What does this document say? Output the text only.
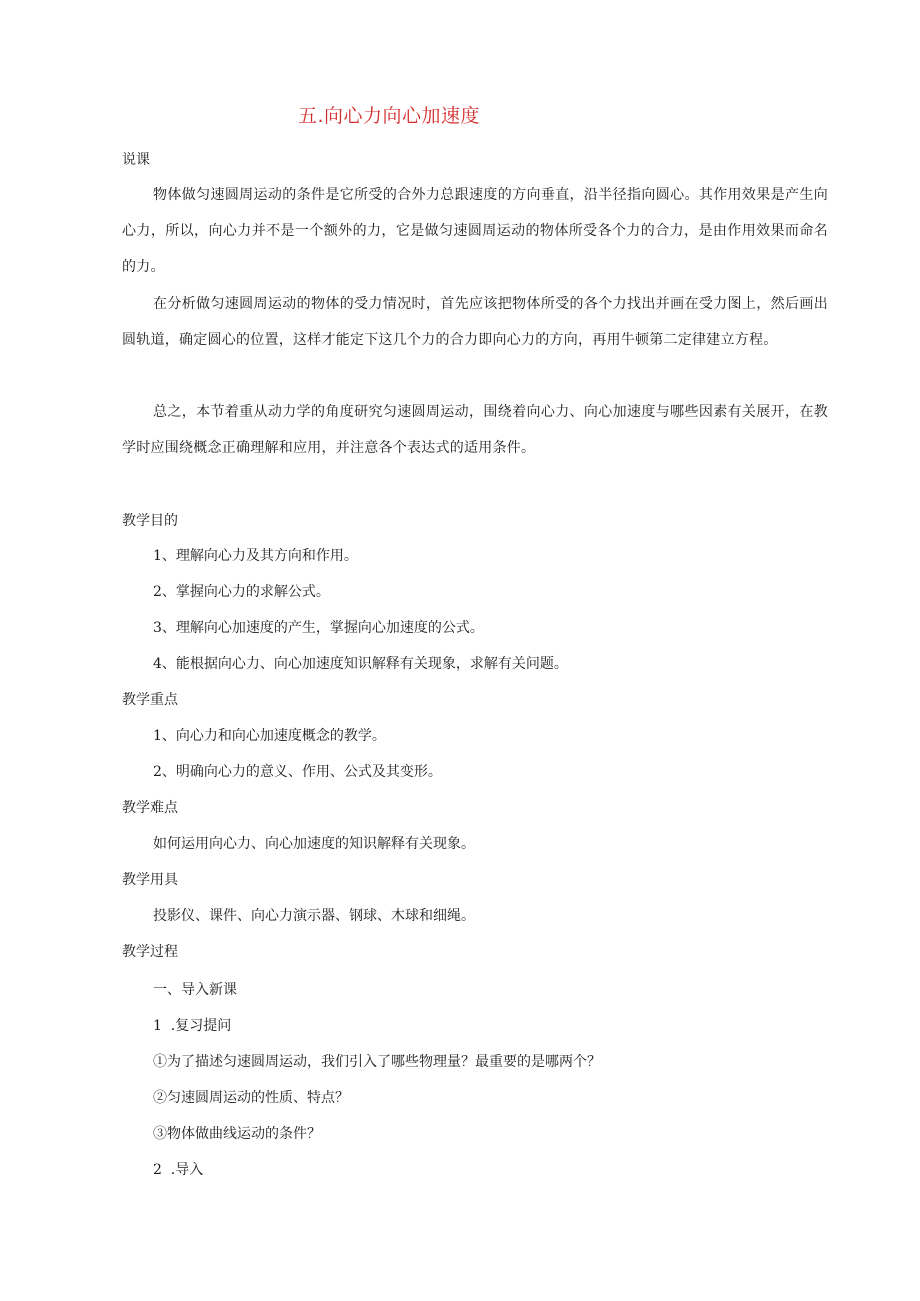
五.向心力向心加速度
说课
物体做匀速圆周运动的条件是它所受的合外力总跟速度的方向垂直，沿半径指向圆心。其作用效果是产生向心力，所以，向心力并不是一个额外的力，它是做匀速圆周运动的物体所受各个力的合力，是由作用效果而命名的力。
在分析做匀速圆周运动的物体的受力情况时，首先应该把物体所受的各个力找出并画在受力图上，然后画出圆轨道，确定圆心的位置，这样才能定下这几个力的合力即向心力的方向，再用牛顿第二定律建立方程。
总之，本节着重从动力学的角度研究匀速圆周运动，围绕着向心力、向心加速度与哪些因素有关展开，在教学时应围绕概念正确理解和应用，并注意各个表达式的适用条件。
教学目的
1、理解向心力及其方向和作用。
2、掌握向心力的求解公式。
3、理解向心加速度的产生，掌握向心加速度的公式。
4、能根据向心力、向心加速度知识解释有关现象，求解有关问题。
教学重点
1、向心力和向心加速度概念的教学。
2、明确向心力的意义、作用、公式及其变形。
教学难点
如何运用向心力、向心加速度的知识解释有关现象。
教学用具
投影仪、课件、向心力演示器、钢球、木球和细绳。
教学过程
一、导入新课
1  .复习提问
①为了描述匀速圆周运动，我们引入了哪些物理量？最重要的是哪两个？
②匀速圆周运动的性质、特点？
③物体做曲线运动的条件？
2  .导入
